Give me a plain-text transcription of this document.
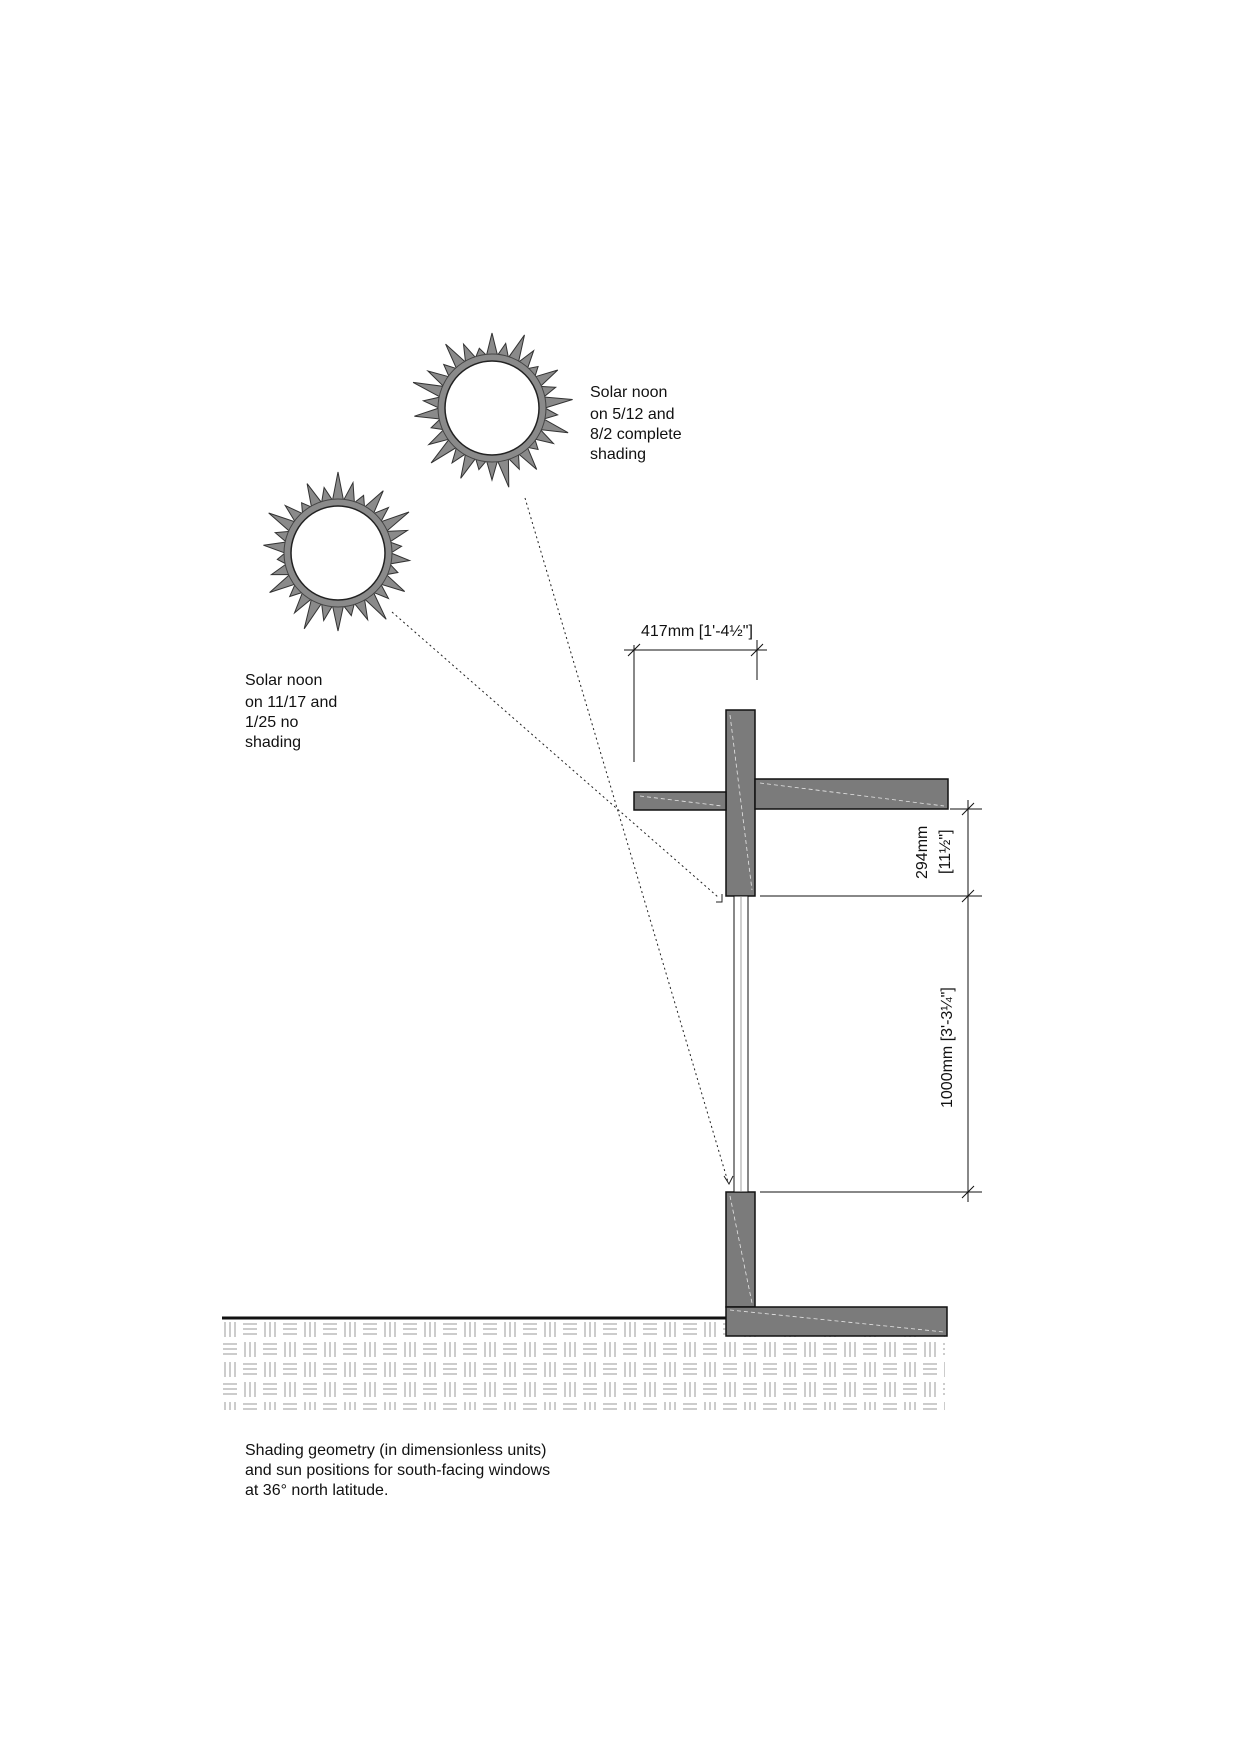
417mm [1'-4½"]
294mm [11½"]
1000mm [3'-3¼"]
Solar noon on 5/12 and 8/2 complete shading
Solar noon on 11/17 and 1/25 no shading
Shading geometry (in dimensionless units) and sun positions for south-facing windows at 36° north latitude.
